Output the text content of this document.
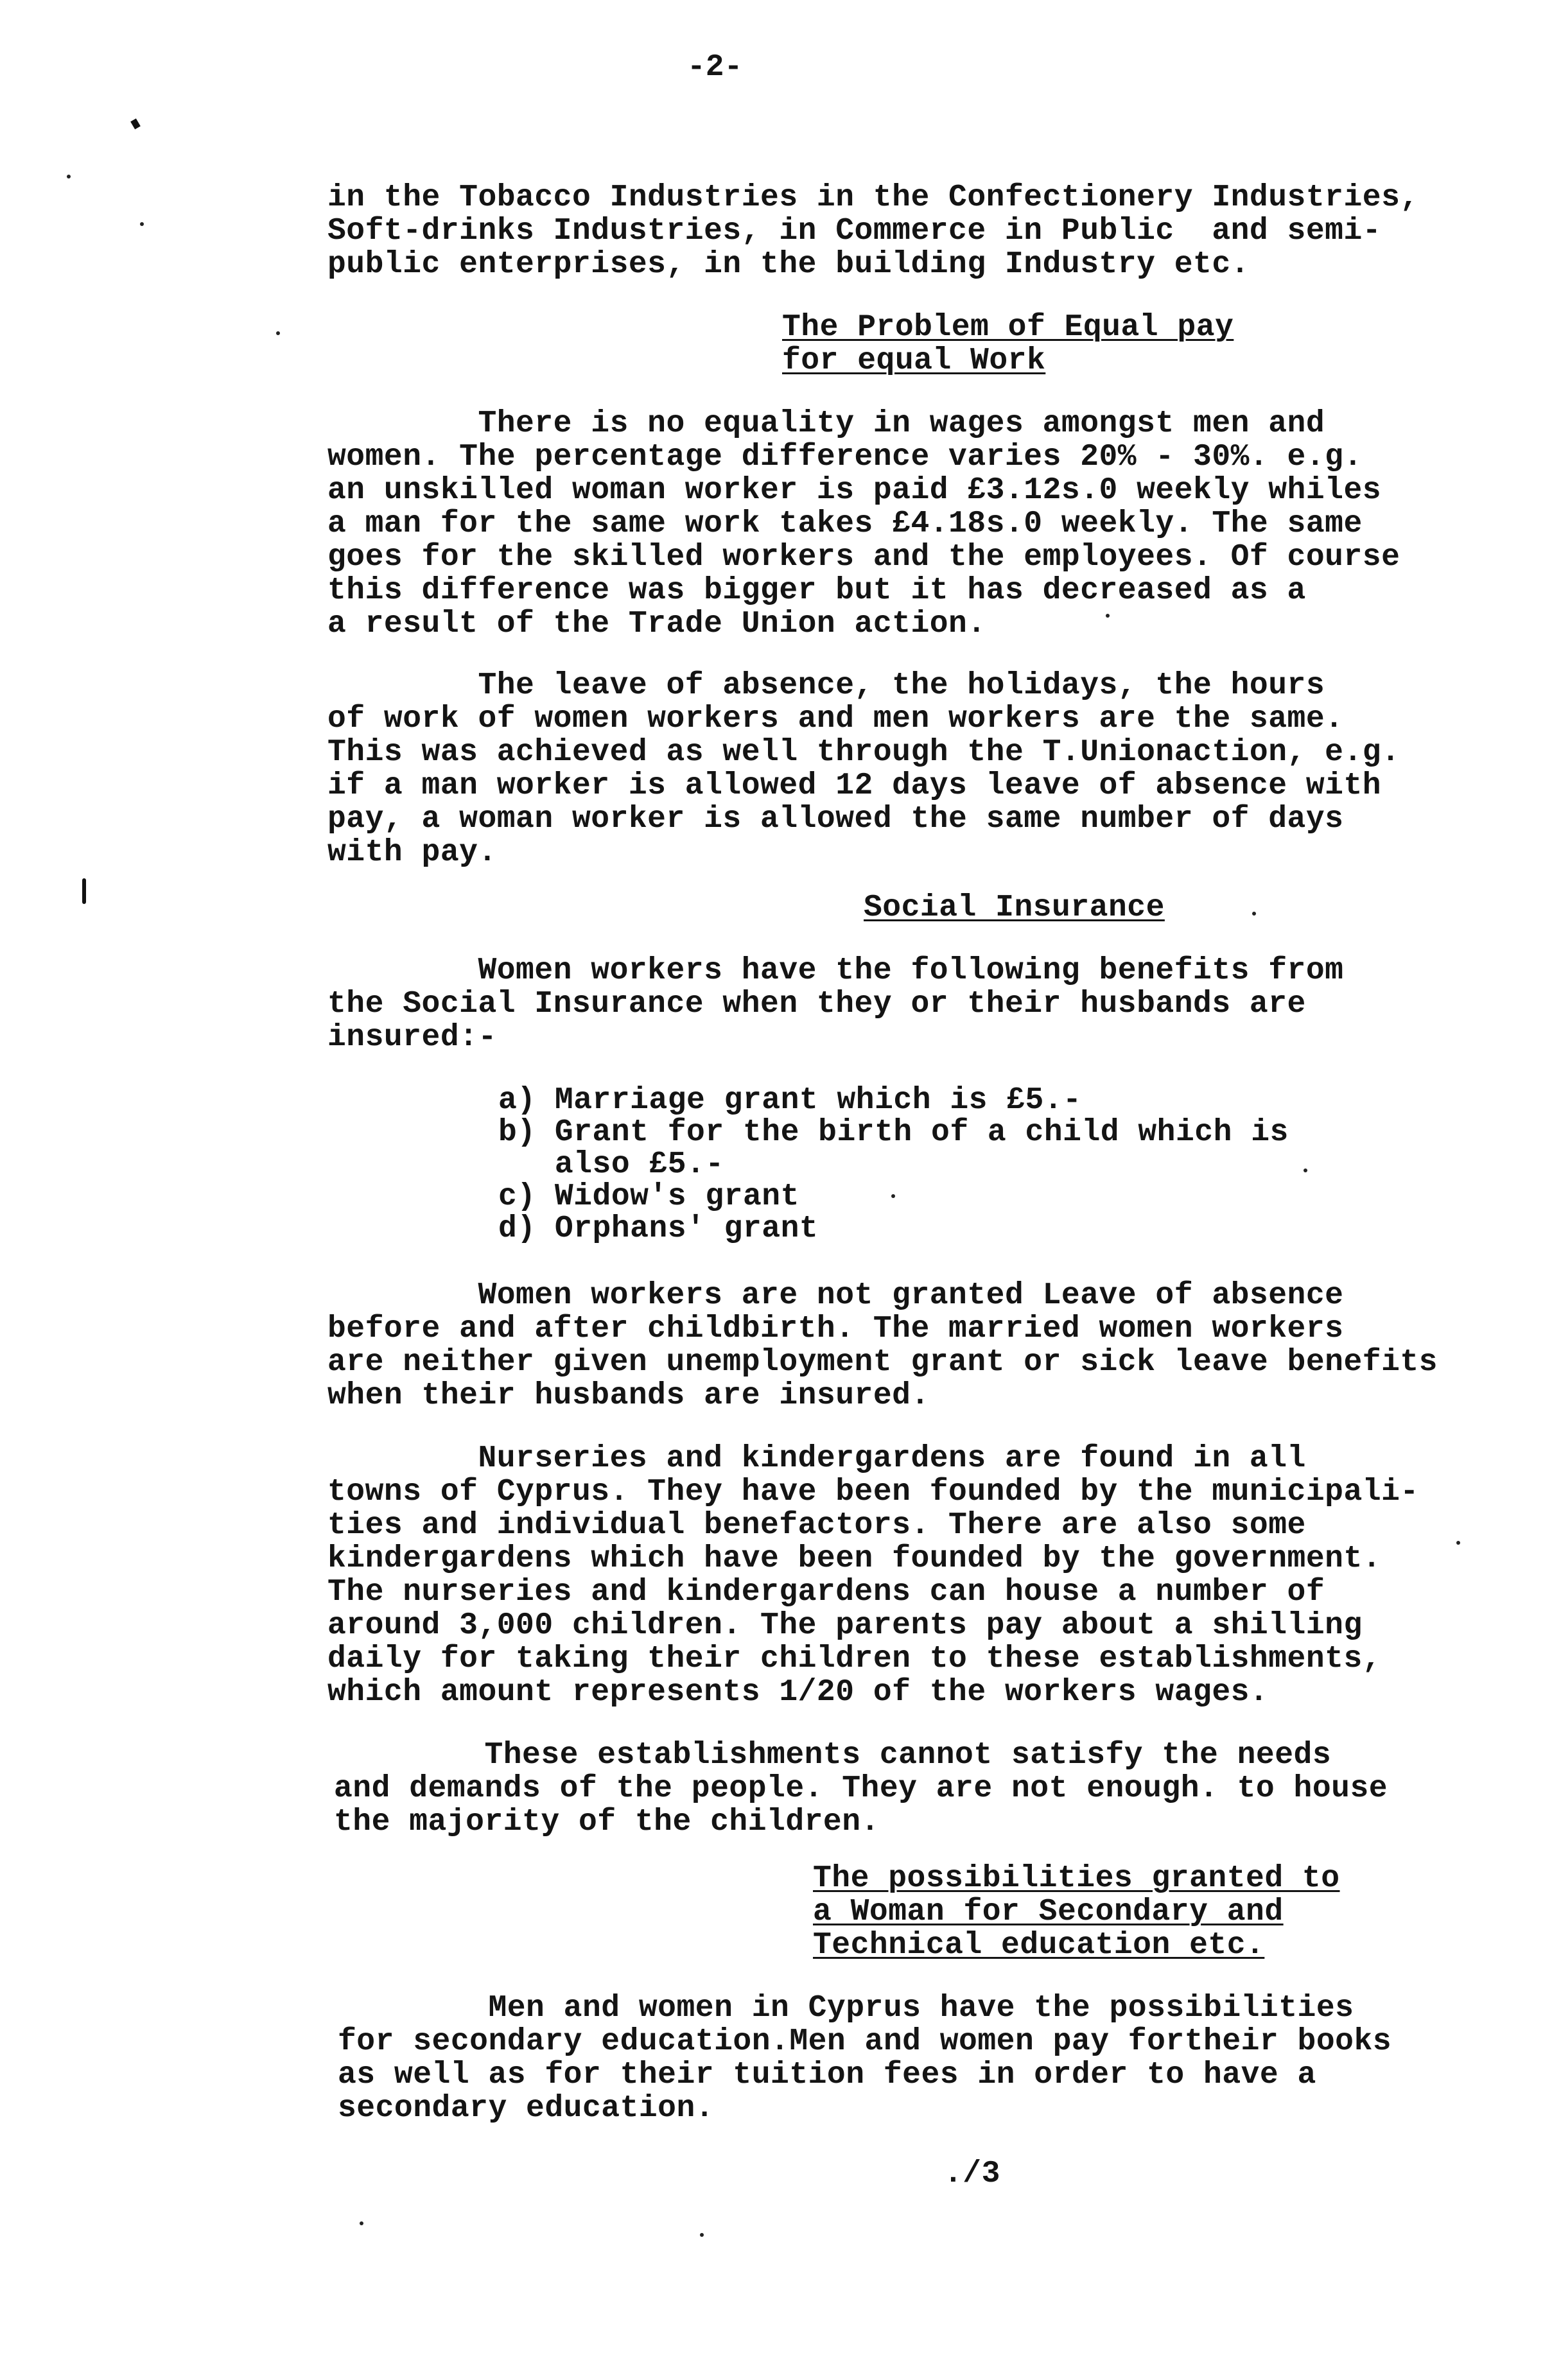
-2-
in the Tobacco Industries in the Confectionery Industries,
Soft-drinks Industries, in Commerce in Public  and semi-
public enterprises, in the building Industry etc.
The Problem of Equal pay
for equal Work
There is no equality in wages amongst men and
women. The percentage difference varies 20% - 30%. e.g.
an unskilled woman worker is paid £3.12s.0 weekly whiles
a man for the same work takes £4.18s.0 weekly. The same
goes for the skilled workers and the employees. Of course
this difference was bigger but it has decreased as a
a result of the Trade Union action.
The leave of absence, the holidays, the hours
of work of women workers and men workers are the same.
This was achieved as well through the T.Unionaction, e.g.
if a man worker is allowed 12 days leave of absence with
pay, a woman worker is allowed the same number of days
with pay.
Social Insurance
Women workers have the following benefits from
the Social Insurance when they or their husbands are
insured:-
a) Marriage grant which is £5.-
b) Grant for the birth of a child which is
also £5.-
c) Widow's grant
d) Orphans' grant
Women workers are not granted Leave of absence
before and after childbirth. The married women workers
are neither given unemployment grant or sick leave benefits
when their husbands are insured.
Nurseries and kindergardens are found in all
towns of Cyprus. They have been founded by the municipali-
ties and individual benefactors. There are also some
kindergardens which have been founded by the government.
The nurseries and kindergardens can house a number of
around 3,000 children. The parents pay about a shilling
daily for taking their children to these establishments,
which amount represents 1/20 of the workers wages.
These establishments cannot satisfy the needs
and demands of the people. They are not enough. to house
the majority of the children.
The possibilities granted to
a Woman for Secondary and
Technical education etc.
Men and women in Cyprus have the possibilities
for secondary education.Men and women pay fortheir books
as well as for their tuition fees in order to have a
secondary education.
./3
